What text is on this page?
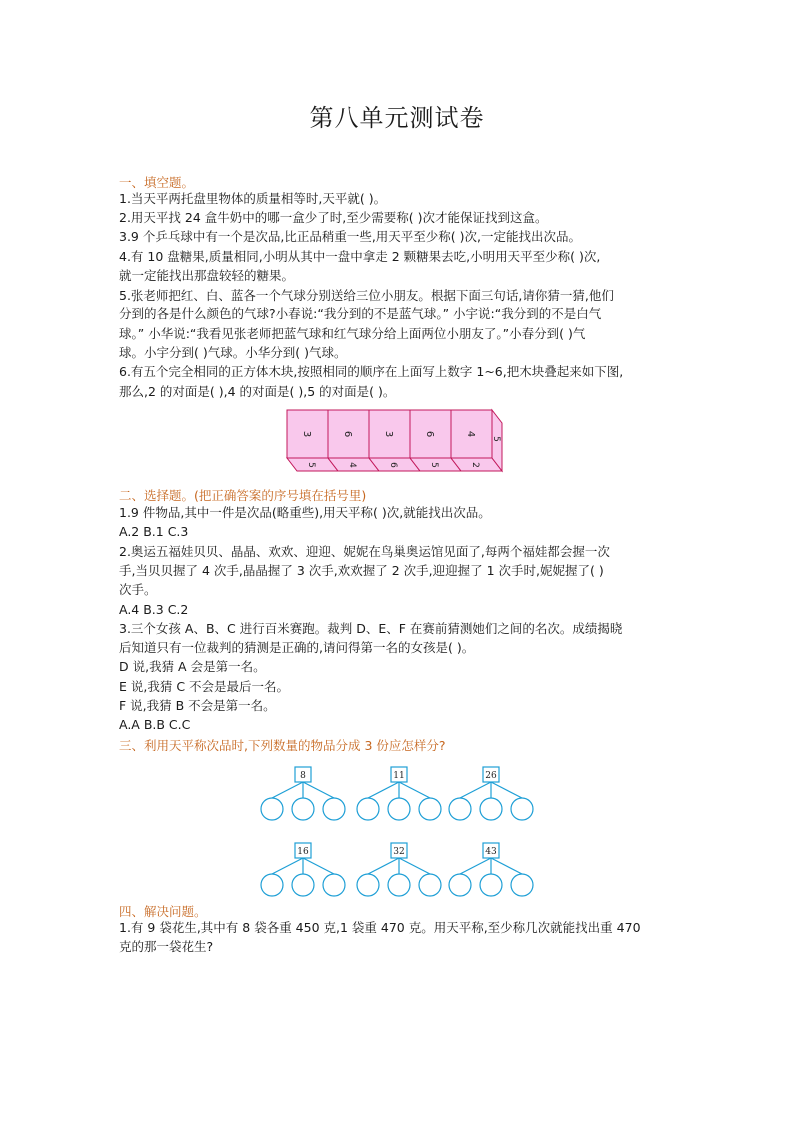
第八单元测试卷
一、填空题。
1.当天平两托盘里物体的质量相等时,天平就( )。
2.用天平找 24 盒牛奶中的哪一盒少了时,至少需要称( )次才能保证找到这盒。
3.9 个乒乓球中有一个是次品,比正品稍重一些,用天平至少称( )次,一定能找出次品。
4.有 10 盘糖果,质量相同,小明从其中一盘中拿走 2 颗糖果去吃,小明用天平至少称( )次,
就一定能找出那盘较轻的糖果。
5.张老师把红、白、蓝各一个气球分别送给三位小朋友。根据下面三句话,请你猜一猜,他们
分到的各是什么颜色的气球?小春说:“我分到的不是蓝气球。” 小宇说:“我分到的不是白气
球。” 小华说:“我看见张老师把蓝气球和红气球分给上面两位小朋友了。”小春分到( )气
球。小宇分到( )气球。小华分到( )气球。
6.有五个完全相同的正方体木块,按照相同的顺序在上面写上数字 1~6,把木块叠起来如下图,
那么,2 的对面是( ),4 的对面是( ),5 的对面是( )。
3	6	3	6	4
5	4	6	5	2
5
二、选择题。(把正确答案的序号填在括号里)
1.9 件物品,其中一件是次品(略重些),用天平称( )次,就能找出次品。
A.2 B.1 C.3
2.奥运五福娃贝贝、晶晶、欢欢、迎迎、妮妮在鸟巢奥运馆见面了,每两个福娃都会握一次
手,当贝贝握了 4 次手,晶晶握了 3 次手,欢欢握了 2 次手,迎迎握了 1 次手时,妮妮握了( )
次手。
A.4 B.3 C.2
3.三个女孩 A、B、C 进行百米赛跑。裁判 D、E、F 在赛前猜测她们之间的名次。成绩揭晓
后知道只有一位裁判的猜测是正确的,请问得第一名的女孩是( )。
D 说,我猜 A 会是第一名。
E 说,我猜 C 不会是最后一名。
F 说,我猜 B 不会是第一名。
A.A B.B C.C
三、利用天平称次品时,下列数量的物品分成 3 份应怎样分?
8	11	26
16	32	43
四、解决问题。
1.有 9 袋花生,其中有 8 袋各重 450 克,1 袋重 470 克。用天平称,至少称几次就能找出重 470
克的那一袋花生?
